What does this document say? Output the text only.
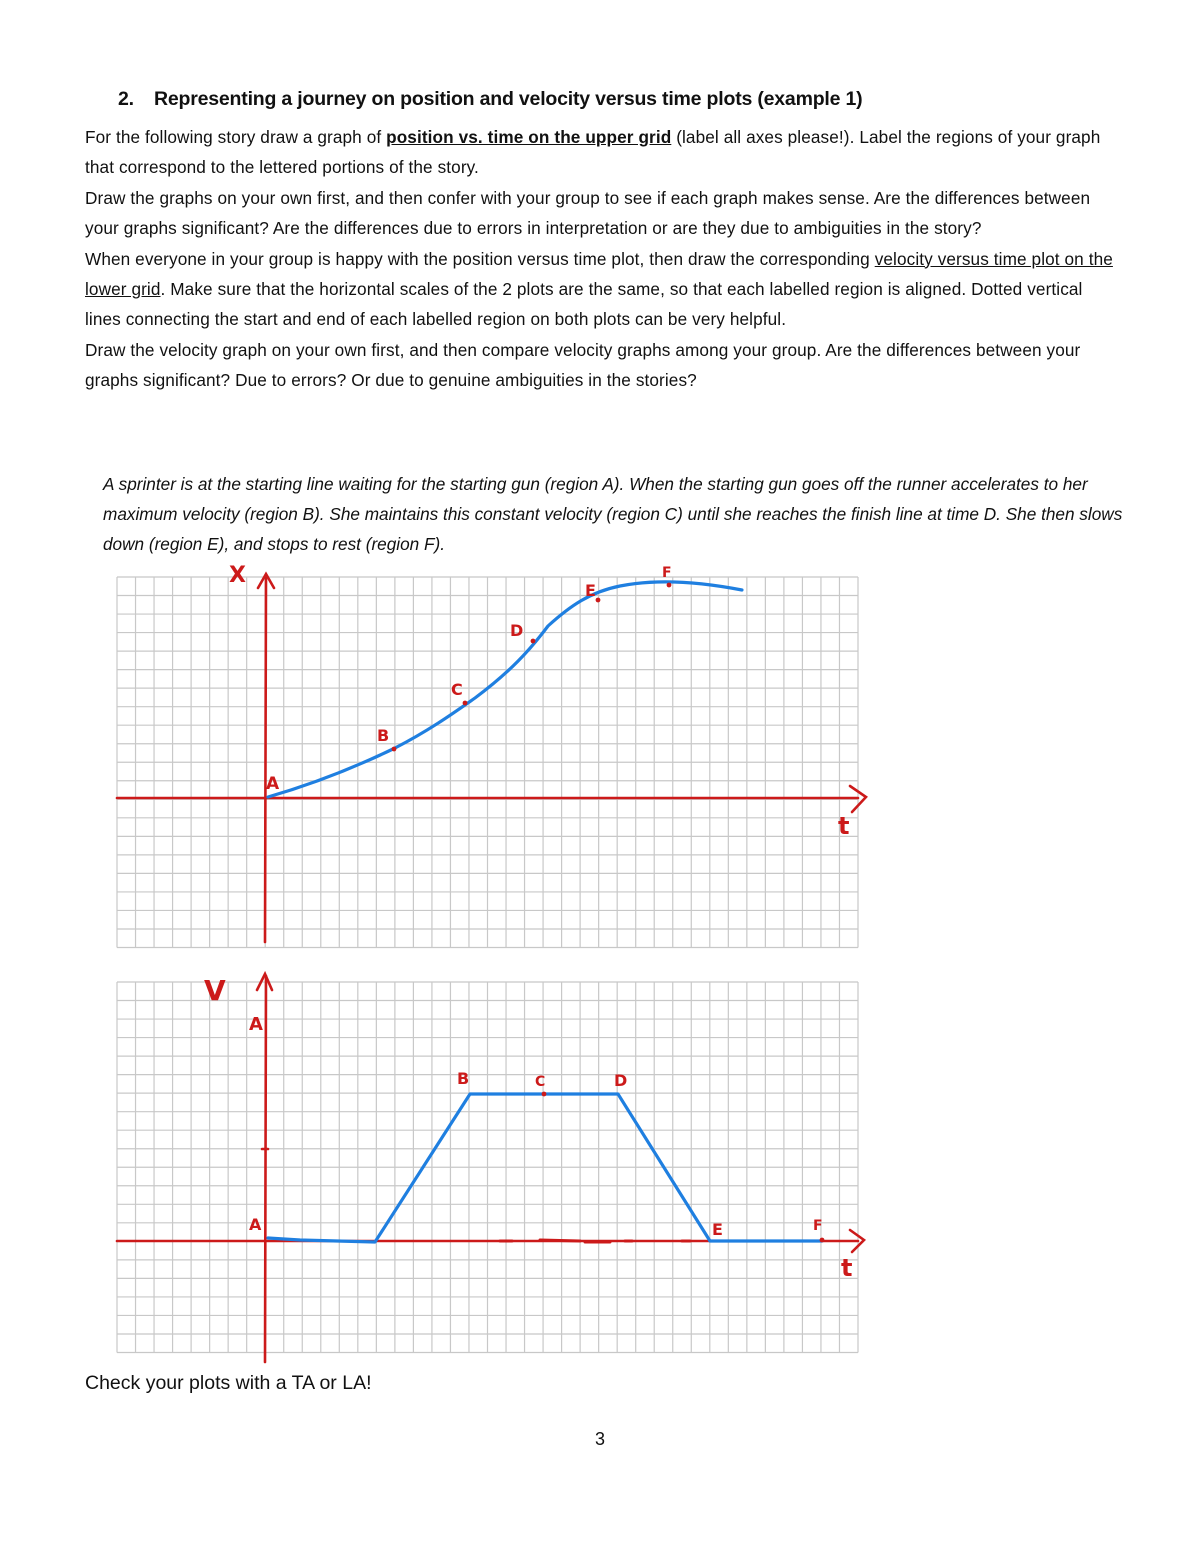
2. Representing a journey on position and velocity versus time plots (example 1)

For the following story draw a graph of position vs. time on the upper grid (label all axes please!). Label the regions of your graph that correspond to the lettered portions of the story.

Draw the graphs on your own first, and then confer with your group to see if each graph makes sense. Are the differences between your graphs significant? Are the differences due to errors in interpretation or are they due to ambiguities in the story?

When everyone in your group is happy with the position versus time plot, then draw the corresponding velocity versus time plot on the lower grid. Make sure that the horizontal scales of the 2 plots are the same, so that each labelled region is aligned. Dotted vertical lines connecting the start and end of each labelled region on both plots can be very helpful.

Draw the velocity graph on your own first, and then compare velocity graphs among your group. Are the differences between your graphs significant? Due to errors? Or due to genuine ambiguities in the stories?

A sprinter is at the starting line waiting for the starting gun (region A). When the starting gun goes off the runner accelerates to her maximum velocity (region B). She maintains this constant velocity (region C) until she reaches the finish line at time D. She then slows down (region E), and stops to rest (region F).

X
t
A
B
C
D
E
F
V
t
A
A
B	C	D
E	F
Check your plots with a TA or LA!
3
